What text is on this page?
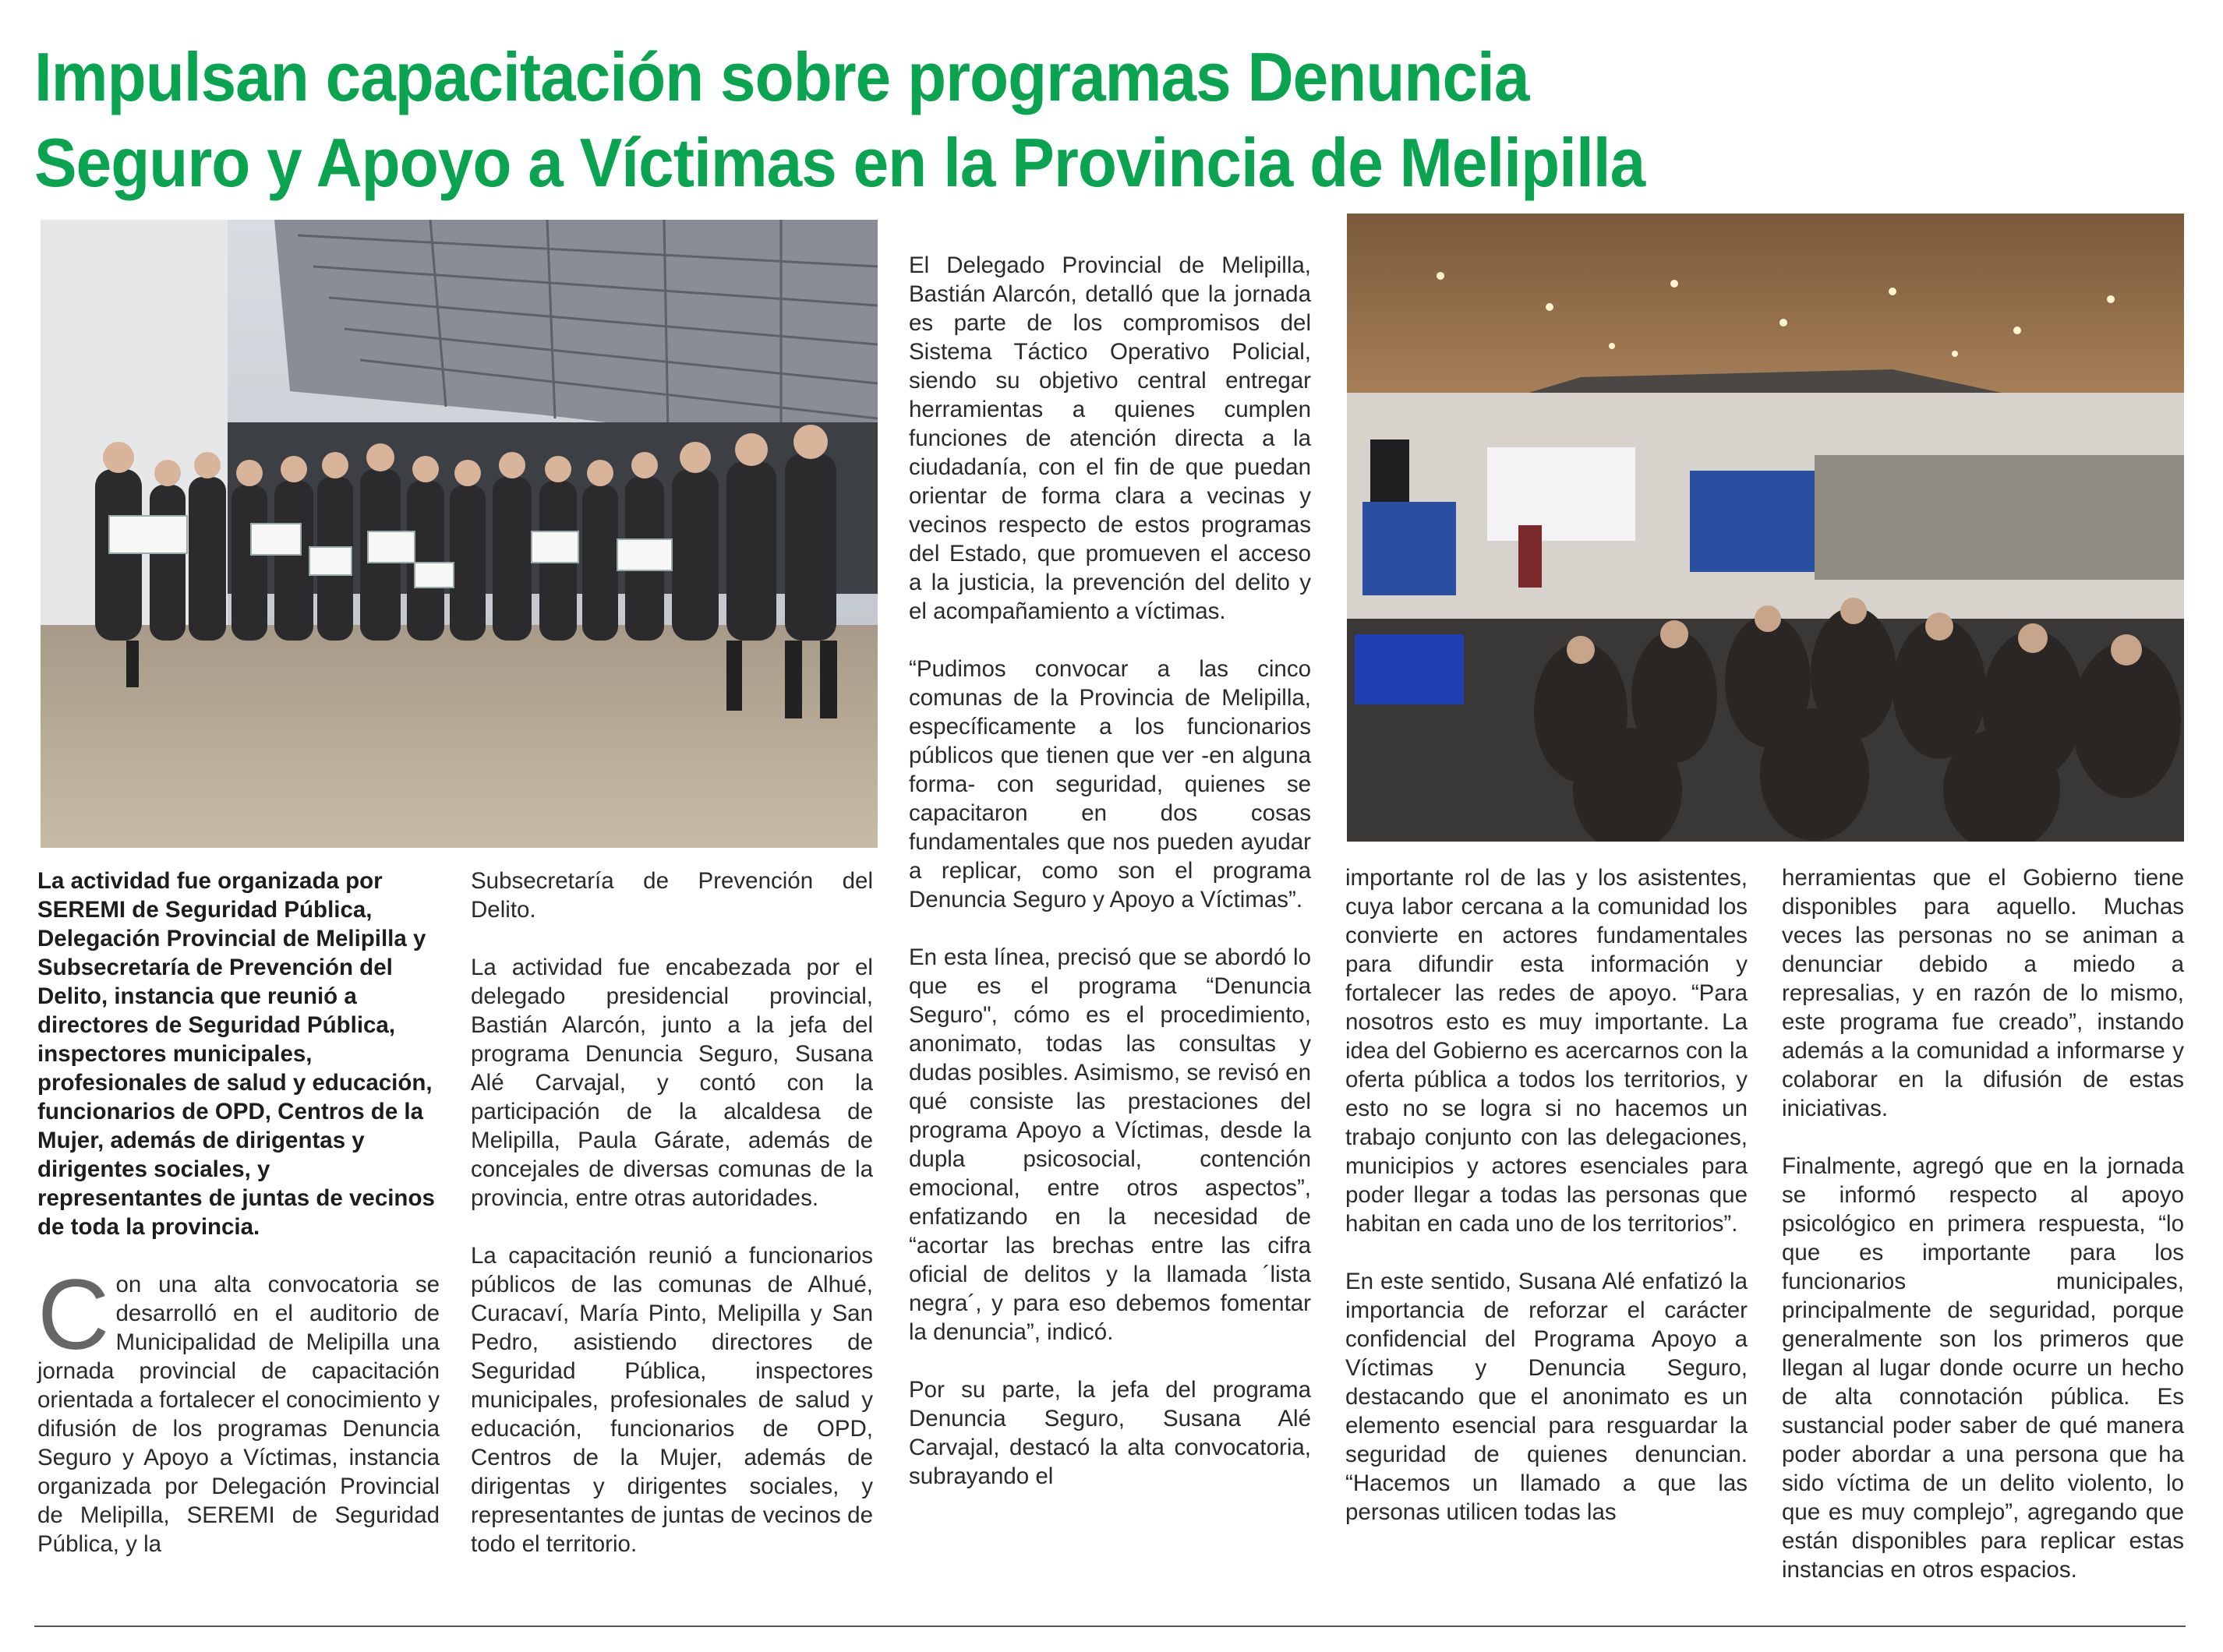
Impulsan capacitación sobre programas Denuncia
Seguro y Apoyo a Víctimas en la Provincia de Melipilla

La actividad fue organizada por SEREMI de Seguridad Pública, Delegación Provincial de Melipilla y Subsecretaría de Prevención del Delito, instancia que reunió a directores de Seguridad Pública, inspectores municipales, profesionales de salud y educación, funcionarios de OPD, Centros de la Mujer, además de dirigentas y dirigentes sociales, y representantes de juntas de vecinos de toda la provincia.

Con una alta convocatoria se desarrolló en el auditorio de Municipalidad de Melipilla una jornada provincial de capacitación orientada a fortalecer el conocimiento y difusión de los programas Denuncia Seguro y Apoyo a Víctimas, instancia organizada por Delegación Provincial de Melipilla, SEREMI de Seguridad Pública, y la

Subsecretaría de Prevención del Delito.

La actividad fue encabezada por el delegado presidencial provincial, Bastián Alarcón, junto a la jefa del programa Denuncia Seguro, Susana Alé Carvajal, y contó con la participación de la alcaldesa de Melipilla, Paula Gárate, además de concejales de diversas comunas de la provincia, entre otras autoridades.

La capacitación reunió a funcionarios públicos de las comunas de Alhué, Curacaví, María Pinto, Melipilla y San Pedro, asistiendo directores de Seguridad Pública, inspectores municipales, profesionales de salud y educación, funcionarios de OPD, Centros de la Mujer, además de dirigentas y dirigentes sociales, y representantes de juntas de vecinos de todo el territorio.

El Delegado Provincial de Melipilla, Bastián Alarcón, detalló que la jornada es parte de los compromisos del Sistema Táctico Operativo Policial, siendo su objetivo central entregar herramientas a quienes cumplen funciones de atención directa a la ciudadanía, con el fin de que puedan orientar de forma clara a vecinas y vecinos respecto de estos programas del Estado, que promueven el acceso a la justicia, la prevención del delito y el acompañamiento a víctimas.

“Pudimos convocar a las cinco comunas de la Provincia de Melipilla, específicamente a los funcionarios públicos que tienen que ver -en alguna forma- con seguridad, quienes se capacitaron en dos cosas fundamentales que nos pueden ayudar a replicar, como son el programa Denuncia Seguro y Apoyo a Víctimas”.

En esta línea, precisó que se abordó lo que es el programa “Denuncia Seguro", cómo es el procedimiento, anonimato, todas las consultas y dudas posibles. Asimismo, se revisó en qué consiste las prestaciones del programa Apoyo a Víctimas, desde la dupla psicosocial, contención emocional, entre otros aspectos”, enfatizando en la necesidad de “acortar las brechas entre las cifra oficial de delitos y la llamada ´lista negra´, y para eso debemos fomentar la denuncia”, indicó.

Por su parte, la jefa del programa Denuncia Seguro, Susana Alé Carvajal, destacó la alta convocatoria, subrayando el

importante rol de las y los asistentes, cuya labor cercana a la comunidad los convierte en actores fundamentales para difundir esta información y fortalecer las redes de apoyo. “Para nosotros esto es muy importante. La idea del Gobierno es acercarnos con la oferta pública a todos los territorios, y esto no se logra si no hacemos un trabajo conjunto con las delegaciones, municipios y actores esenciales para poder llegar a todas las personas que habitan en cada uno de los territorios”.

En este sentido, Susana Alé enfatizó la importancia de reforzar el carácter confidencial del Programa Apoyo a Víctimas y Denuncia Seguro, destacando que el anonimato es un elemento esencial para resguardar la seguridad de quienes denuncian. “Hacemos un llamado a que las personas utilicen todas las

herramientas que el Gobierno tiene disponibles para aquello. Muchas veces las personas no se animan a denunciar debido a miedo a represalias, y en razón de lo mismo, este programa fue creado”, instando además a la comunidad a informarse y colaborar en la difusión de estas iniciativas.

Finalmente, agregó que en la jornada se informó respecto al apoyo psicológico en primera respuesta, “lo que es importante para los funcionarios municipales, principalmente de seguridad, porque generalmente son los primeros que llegan al lugar donde ocurre un hecho de alta connotación pública. Es sustancial poder saber de qué manera poder abordar a una persona que ha sido víctima de un delito violento, lo que es muy complejo”, agregando que están disponibles para replicar estas instancias en otros espacios.
